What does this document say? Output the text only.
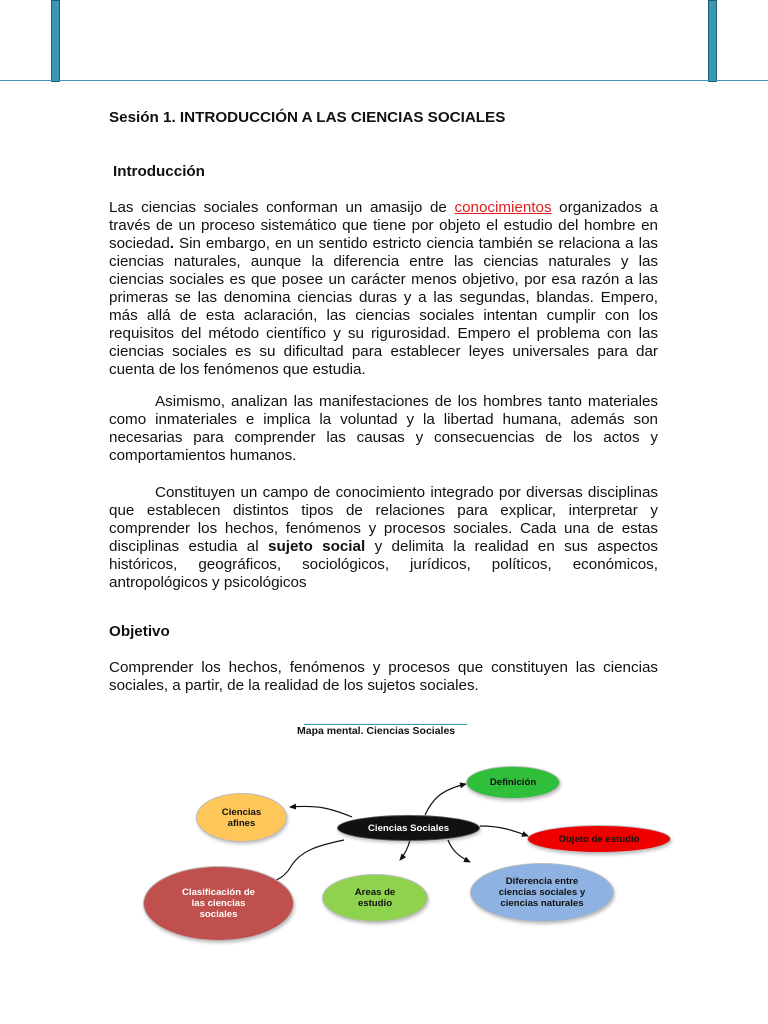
Sesión 1. INTRODUCCIÓN A LAS CIENCIAS SOCIALES
Introducción
Las ciencias sociales conforman un amasijo de conocimientos organizados a través de un proceso sistemático que tiene por objeto el estudio del hombre en sociedad. Sin embargo, en un sentido estricto ciencia también se relaciona a las ciencias naturales, aunque la diferencia entre las ciencias naturales y las ciencias sociales es que posee un carácter menos objetivo, por esa razón a las primeras se las denomina ciencias duras y a las segundas, blandas. Empero, más allá de esta aclaración, las ciencias sociales intentan cumplir con los requisitos del método científico y su rigurosidad. Empero el problema con las ciencias sociales es su dificultad para establecer leyes universales para dar cuenta de los fenómenos que estudia.
Asimismo, analizan las manifestaciones de los hombres tanto materiales como inmateriales e implica la voluntad y la libertad humana, además son necesarias para comprender las causas y consecuencias de los actos y comportamientos humanos.
Constituyen un campo de conocimiento integrado por diversas disciplinas que establecen distintos tipos de relaciones para explicar, interpretar y comprender los hechos, fenómenos y procesos sociales. Cada una de estas disciplinas estudia al sujeto social y delimita la realidad en sus aspectos históricos, geográficos, sociológicos, jurídicos, políticos, económicos, antropológicos y psicológicos
Objetivo
Comprender los hechos, fenómenos y procesos que constituyen las ciencias sociales, a partir, de la realidad de los sujetos sociales.
Mapa mental. Ciencias Sociales
Ciencias Sociales
Definición
Ciencias afines
Objeto de estudio
Diferencia entre ciencias sociales y ciencias naturales
Areas de estudio
Clasificación de las ciencias sociales
